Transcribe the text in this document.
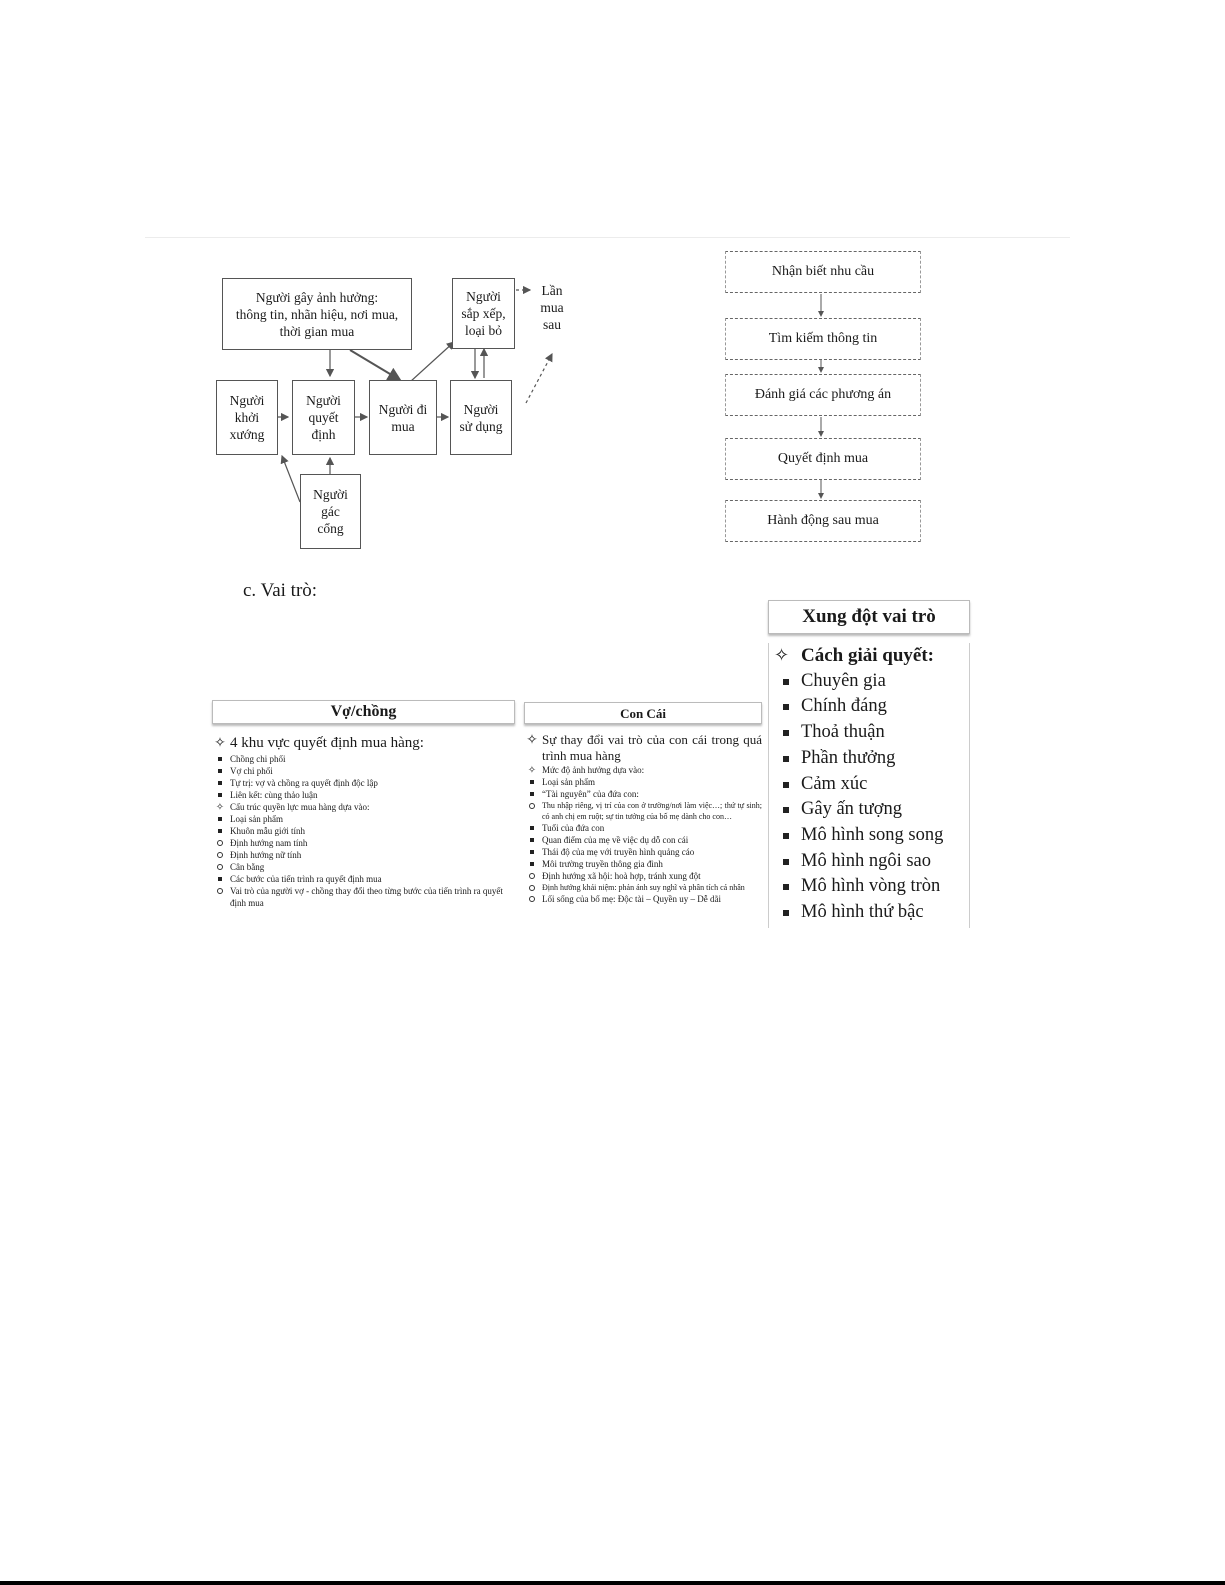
Người gây ảnh hưởng:
thông tin, nhãn hiệu, nơi mua,
thời gian mua
Người
khởi
xướng
Người
quyết
định
Người đi
mua
Người
sử dụng
Người
sắp xếp,
loại bỏ
Người
gác
cổng
Lần
mua
sau
Nhận biết nhu cầu
Tìm kiếm thông tin
Đánh giá các phương án
Quyết định mua
Hành động sau mua
c. Vai trò:
Vợ/chồng
✧
4 khu vực quyết định mua hàng:
Chồng chi phối
Vợ chi phối
Tự trị: vợ và chồng ra quyết định độc lập
Liên kết: cùng thảo luận
✧
Cấu trúc quyền lực mua hàng dựa vào:
Loại sản phẩm
Khuôn mẫu giới tính
Định hướng nam tính
Định hướng nữ tính
Cân bằng
Các bước của tiến trình ra quyết định mua
Vai trò của người vợ - chồng thay đổi theo từng bước của tiến trình ra quyết định mua
Con Cái
✧
Sự thay đổi vai trò của con cái trong quá trình mua hàng
✧
Mức độ ảnh hưởng dựa vào:
Loại sản phẩm
“Tài nguyên” của đứa con:
Thu nhập riêng, vị trí của con ở trường/nơi làm việc…; thứ tự sinh; có anh chị em ruột; sự tin tưởng của bố mẹ dành cho con…
Tuổi của đứa con
Quan điểm của mẹ về việc dụ dỗ con cái
Thái độ của mẹ với truyền hình quảng cáo
Môi trường truyền thông gia đình
Định hướng xã hội: hoà hợp, tránh xung đột
Định hướng khái niệm: phản ánh suy nghĩ và phân tích cá nhân
Lối sống của bố mẹ: Độc tài – Quyền uy – Dễ dãi
Xung đột vai trò
✧
Cách giải quyết:
Chuyên gia
Chính đáng
Thoả thuận
Phần thưởng
Cảm xúc
Gây ấn tượng
Mô hình song song
Mô hình ngôi sao
Mô hình vòng tròn
Mô hình thứ bậc
